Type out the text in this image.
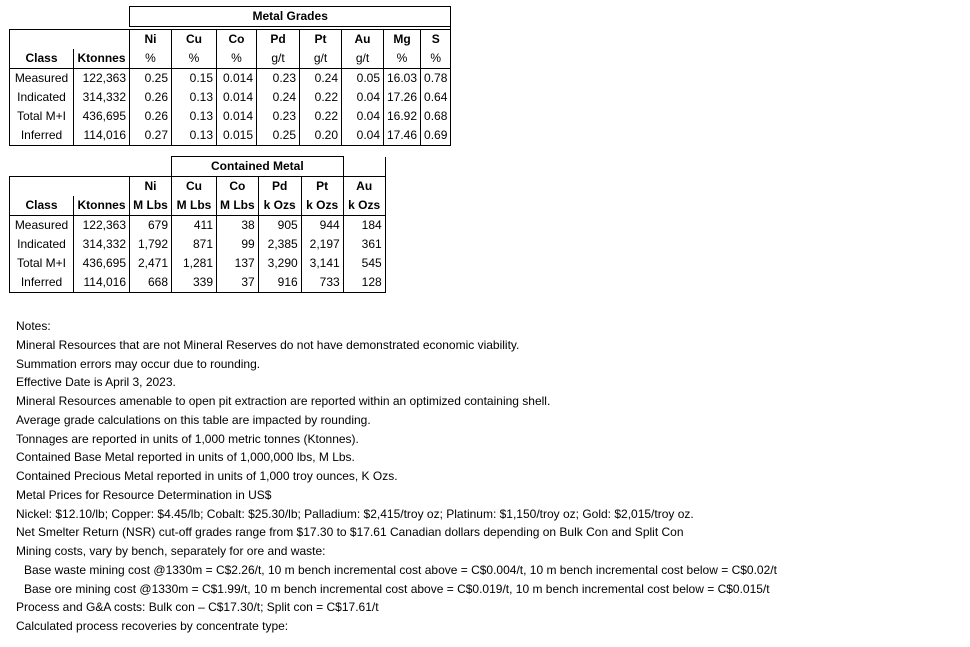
		Metal Grades							

		Ni	Cu	Co	Pd	Pt	Au	Mg	S
Class	Ktonnes	%	%	%	g/t	g/t	g/t	%	%
Measured	122,363	0.25	0.15	0.014	0.23	0.24	0.05	16.03	0.78
Indicated	314,332	0.26	0.13	0.014	0.24	0.22	0.04	17.26	0.64
Total M+I	436,695	0.26	0.13	0.014	0.23	0.22	0.04	16.92	0.68
Inferred	114,016	0.27	0.13	0.015	0.25	0.20	0.04	17.46	0.69
			Contained Metal				
		Ni	Cu	Co	Pd	Pt	Au
Class	Ktonnes	M Lbs	M Lbs	M Lbs	k Ozs	k Ozs	k Ozs
Measured	122,363	679	411	38	905	944	184
Indicated	314,332	1,792	871	99	2,385	2,197	361
Total M+I	436,695	2,471	1,281	137	3,290	3,141	545
Inferred	114,016	668	339	37	916	733	128
Notes:
Mineral Resources that are not Mineral Reserves do not have demonstrated economic viability.
Summation errors may occur due to rounding.
Effective Date is April 3, 2023.
Mineral Resources amenable to open pit extraction are reported within an optimized containing shell.
Average grade calculations on this table are impacted by rounding.
Tonnages are reported in units of 1,000 metric tonnes (Ktonnes).
Contained Base Metal reported in units of 1,000,000 lbs, M Lbs.
Contained Precious Metal reported in units of 1,000 troy ounces, K Ozs.
Metal Prices for Resource Determination in US$
Nickel: $12.10/lb; Copper: $4.45/lb; Cobalt: $25.30/lb; Palladium: $2,415/troy oz; Platinum: $1,150/troy oz; Gold: $2,015/troy oz.
Net Smelter Return (NSR) cut-off grades range from $17.30 to $17.61 Canadian dollars depending on Bulk Con and Split Con
Mining costs, vary by bench, separately for ore and waste:
Base waste mining cost @1330m = C$2.26/t, 10 m bench incremental cost above = C$0.004/t, 10 m bench incremental cost below = C$0.02/t
Base ore mining cost @1330m = C$1.99/t, 10 m bench incremental cost above = C$0.019/t, 10 m bench incremental cost below = C$0.015/t
Process and G&A costs: Bulk con – C$17.30/t; Split con = C$17.61/t
Calculated process recoveries by concentrate type:
